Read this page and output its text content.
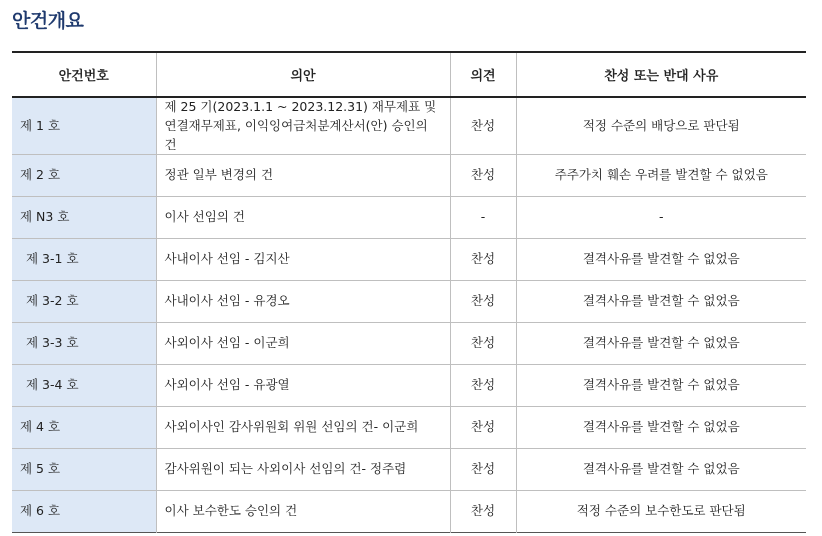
안건개요
안건번호	의안	의견	찬성 또는 반대 사유
제 1 호	제 25 기(2023.1.1 ~ 2023.12.31) 재무제표 및
연결재무제표, 이익잉여금처분계산서(안) 승인의 건	찬성	적정 수준의 배당으로 판단됨
제 2 호	정관 일부 변경의 건	찬성	주주가치 훼손 우려를 발견할 수 없었음
제 N3 호	이사 선임의 건	-	-
제 3-1 호	사내이사 선임 - 김지산	찬성	결격사유를 발견할 수 없었음
제 3-2 호	사내이사 선임 - 유경오	찬성	결격사유를 발견할 수 없었음
제 3-3 호	사외이사 선임 - 이군희	찬성	결격사유를 발견할 수 없었음
제 3-4 호	사외이사 선임 - 유광열	찬성	결격사유를 발견할 수 없었음
제 4 호	사외이사인 감사위원회 위원 선임의 건- 이군희	찬성	결격사유를 발견할 수 없었음
제 5 호	감사위원이 되는 사외이사 선임의 건- 정주렴	찬성	결격사유를 발견할 수 없었음
제 6 호	이사 보수한도 승인의 건	찬성	적정 수준의 보수한도로 판단됨
